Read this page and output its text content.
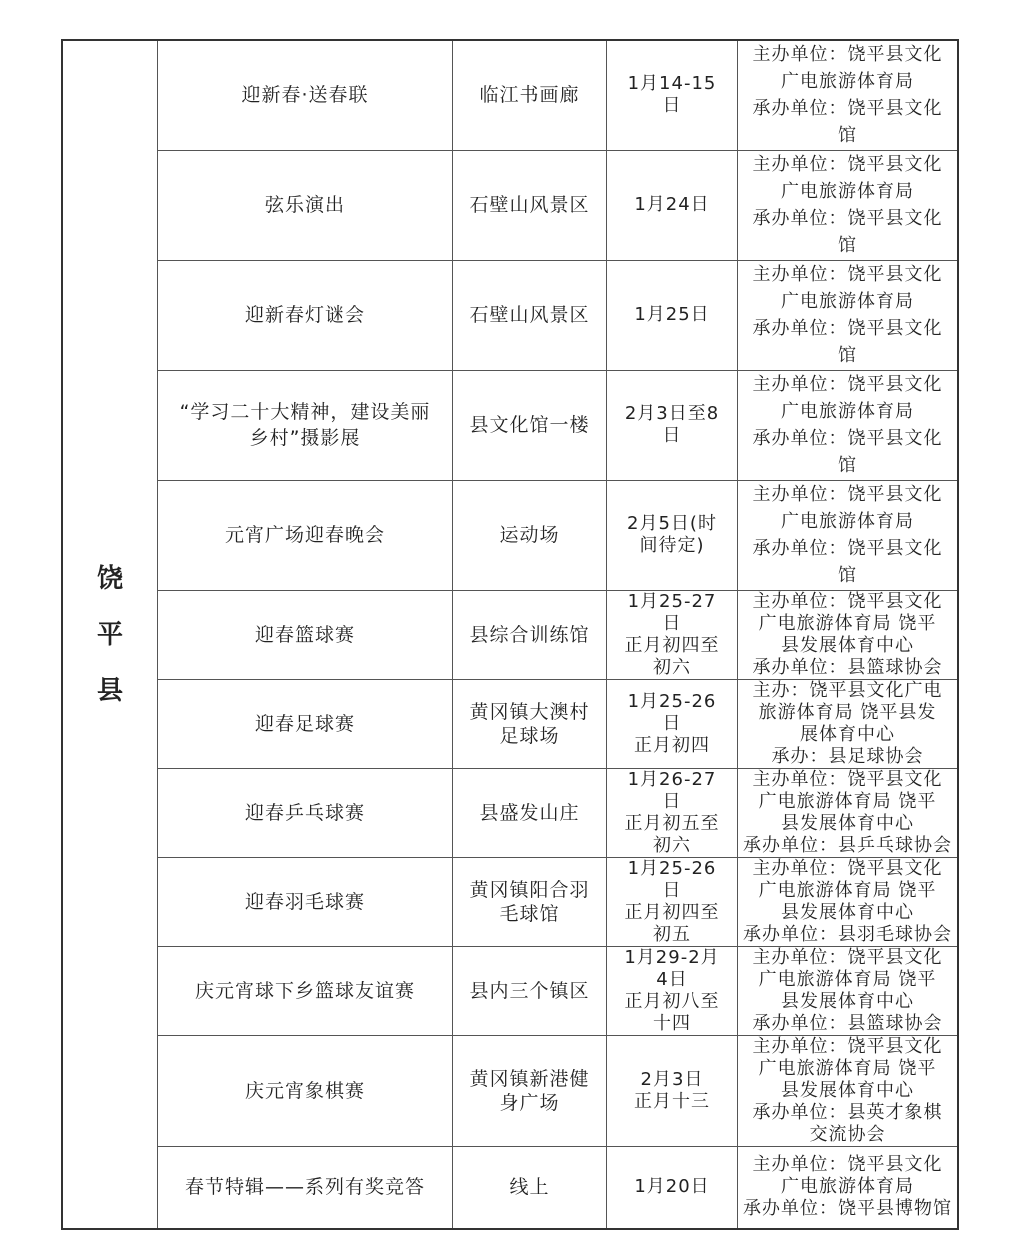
饶
平
县	迎新春·送春联	临江书画廊	1月14-15
日	主办单位：饶平县文化
广电旅游体育局
承办单位：饶平县文化
馆

	弦乐演出	石壁山风景区	1月24日	主办单位：饶平县文化
广电旅游体育局
承办单位：饶平县文化
馆

	迎新春灯谜会	石壁山风景区	1月25日	主办单位：饶平县文化
广电旅游体育局
承办单位：饶平县文化
馆

	“学习二十大精神，建设美丽
乡村”摄影展	县文化馆一楼	2月3日至8
日	主办单位：饶平县文化
广电旅游体育局
承办单位：饶平县文化
馆

	元宵广场迎春晚会	运动场	2月5日(时
间待定)	主办单位：饶平县文化
广电旅游体育局
承办单位：饶平县文化
馆

	迎春篮球赛	县综合训练馆	1月25-27
日
正月初四至
初六	主办单位：饶平县文化
广电旅游体育局 饶平
县发展体育中心
承办单位：县篮球协会

	迎春足球赛	黄冈镇大澳村
足球场	1月25-26
日
正月初四	主办：饶平县文化广电
旅游体育局 饶平县发
展体育中心
承办：县足球协会

	迎春乒乓球赛	县盛发山庄	1月26-27
日
正月初五至
初六	主办单位：饶平县文化
广电旅游体育局 饶平
县发展体育中心
承办单位：县乒乓球协会

	迎春羽毛球赛	黄冈镇阳合羽
毛球馆	1月25-26
日
正月初四至
初五	主办单位：饶平县文化
广电旅游体育局 饶平
县发展体育中心
承办单位：县羽毛球协会

	庆元宵球下乡篮球友谊赛	县内三个镇区	1月29-2月
4日
正月初八至
十四	主办单位：饶平县文化
广电旅游体育局 饶平
县发展体育中心
承办单位：县篮球协会

	庆元宵象棋赛	黄冈镇新港健
身广场	2月3日
正月十三	主办单位：饶平县文化
广电旅游体育局 饶平
县发展体育中心
承办单位：县英才象棋
交流协会

	春节特辑——系列有奖竞答	线上	1月20日	主办单位：饶平县文化
广电旅游体育局
承办单位：饶平县博物馆
